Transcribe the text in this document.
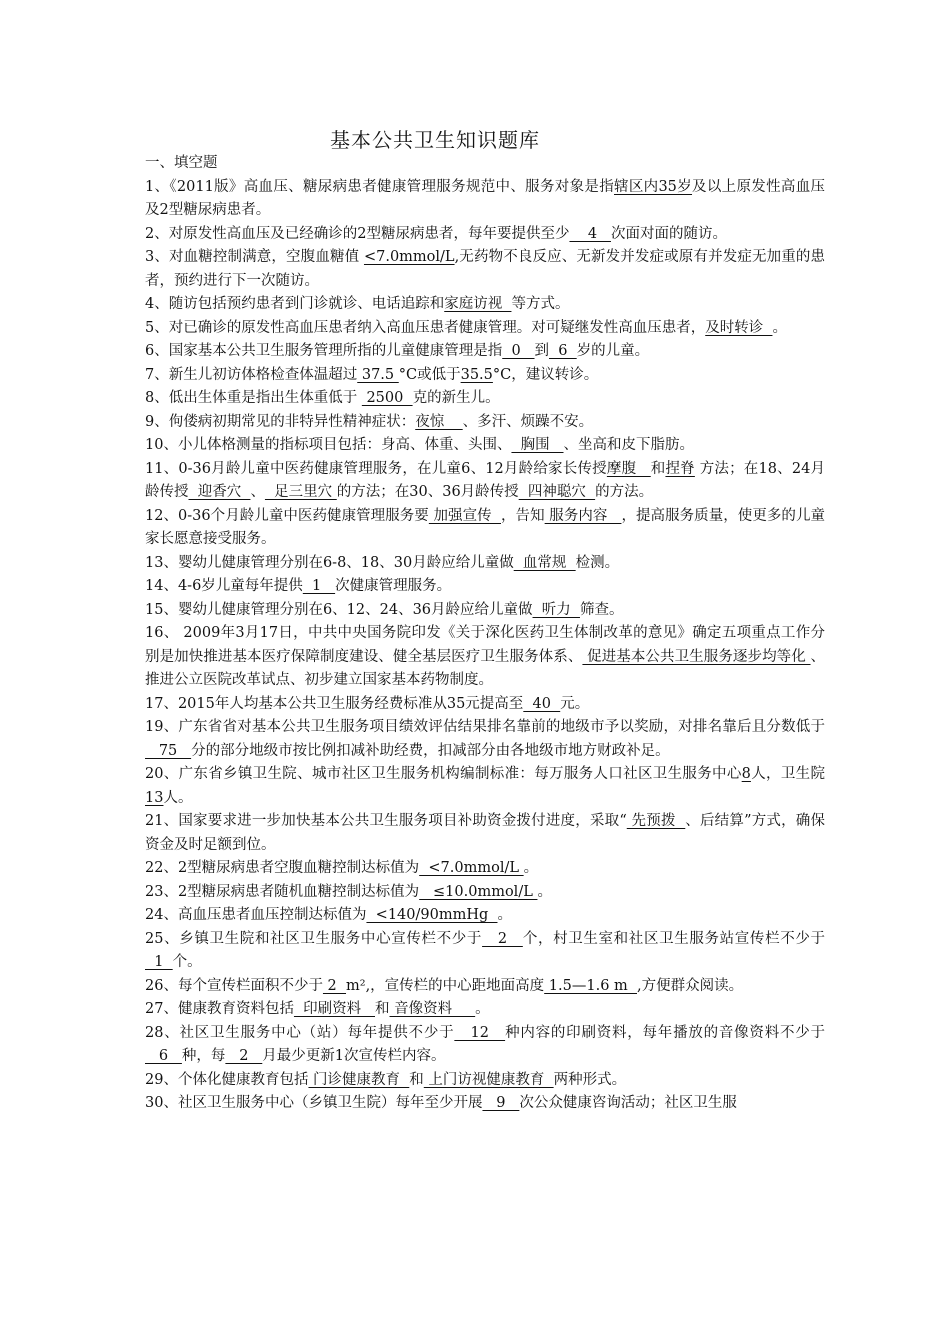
基本公共卫生知识题库

一、填空题

1、《2011版》高血压、糖尿病患者健康管理服务规范中、服务对象是指辖区内35岁及以上原发性高血压及2型糖尿病患者。

2、对原发性高血压及已经确诊的2型糖尿病患者，每年要提供至少    4   次面对面的随访。

3、对血糖控制满意，空腹血糖值 <7.0mmol/L,无药物不良反应、无新发并发症或原有并发症无加重的患者，预约进行下一次随访。

4、随访包括预约患者到门诊就诊、电话追踪和家庭访视  等方式。

5、对已确诊的原发性高血压患者纳入高血压患者健康管理。对可疑继发性高血压患者，及时转诊  。

6、国家基本公共卫生服务管理所指的儿童健康管理是指  0   到  6  岁的儿童。

7、新生儿初访体格检查体温超过 37.5 °C或低于35.5°C，建议转诊。

8、低出生体重是指出生体重低于  2500  克的新生儿。

9、佝偻病初期常见的非特异性精神症状：夜惊    、多汗、烦躁不安。

10、小儿体格测量的指标项目包括：身高、体重、头围、  胸围   、坐高和皮下脂肪。

11、0-36月龄儿童中医药健康管理服务，在儿童6、12月龄给家长传授摩腹   和捏脊 方法；在18、24月龄传授  迎香穴  、  足三里穴 的方法；在30、36月龄传授  四神聪穴  的方法。

12、0-36个月龄儿童中医药健康管理服务要 加强宣传  ，告知 服务内容   ，提高服务质量，使更多的儿童家长愿意接受服务。

13、婴幼儿健康管理分别在6-8、18、30月龄应给儿童做  血常规  检测。

14、4-6岁儿童每年提供  1   次健康管理服务。

15、婴幼儿健康管理分别在6、12、24、36月龄应给儿童做  听力  筛查。

16、 2009年3月17日，中共中央国务院印发《关于深化医药卫生体制改革的意见》确定五项重点工作分别是加快推进基本医疗保障制度建设、健全基层医疗卫生服务体系、 促进基本公共卫生服务逐步均等化 、推进公立医院改革试点、初步建立国家基本药物制度。

17、2015年人均基本公共卫生服务经费标准从35元提高至  40  元。

19、广东省省对基本公共卫生服务项目绩效评估结果排名靠前的地级市予以奖励，对排名靠后且分数低于   75   分的部分地级市按比例扣减补助经费，扣减部分由各地级市地方财政补足。

20、广东省乡镇卫生院、城市社区卫生服务机构编制标准：每万服务人口社区卫生服务中心8人，卫生院13人。

21、国家要求进一步加快基本公共卫生服务项目补助资金拨付进度，采取“ 先预拨  、后结算”方式，确保资金及时足额到位。

22、2型糖尿病患者空腹血糖控制达标值为  <7.0mmol/L 。

23、2型糖尿病患者随机血糖控制达标值为   ≤10.0mmol/L 。

24、高血压患者血压控制达标值为  <140/90mmHg  。

25、乡镇卫生院和社区卫生服务中心宣传栏不少于   2   个，村卫生室和社区卫生服务站宣传栏不少于  1  个。

26、每个宣传栏面积不少于 2  m²,，宣传栏的中心距地面高度 1.5—1.6 m  ,方便群众阅读。

27、健康教育资料包括  印刷资料   和 音像资料     。

28、社区卫生服务中心（站）每年提供不少于   12   种内容的印刷资料，每年播放的音像资料不少于   6   种，每   2   月最少更新1次宣传栏内容。

29、个体化健康教育包括 门诊健康教育  和 上门访视健康教育  两种形式。

30、社区卫生服务中心（乡镇卫生院）每年至少开展   9   次公众健康咨询活动；社区卫生服
